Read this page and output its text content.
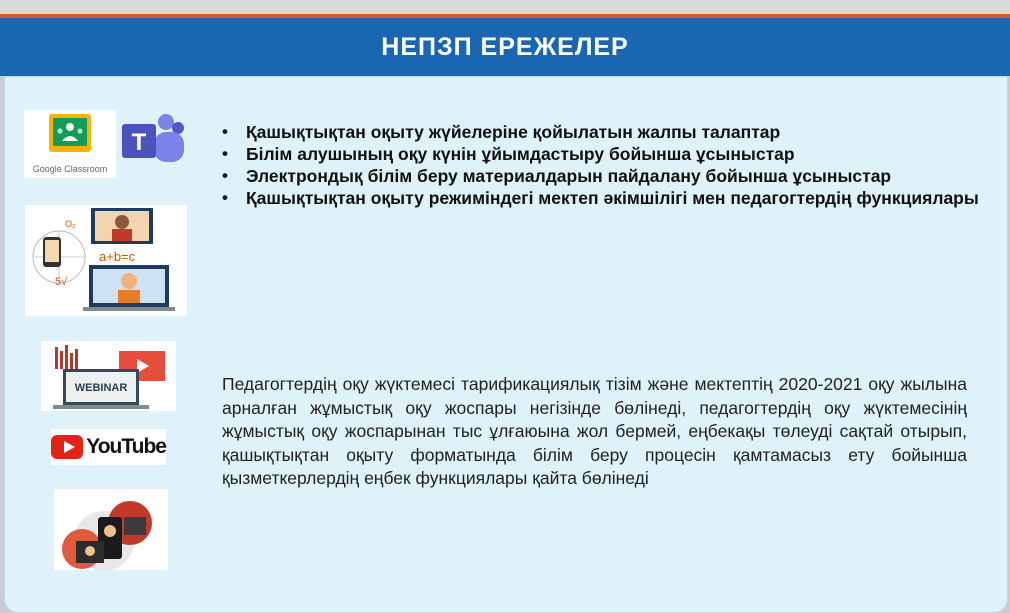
НЕПЗП ЕРЕЖЕЛЕР
Google Classroom
T
O₂
a+b=c
5√
WEBINAR
YouTube
• Қашықтықтан оқыту жүйелеріне қойылатын жалпы талаптар
• Білім алушының оқу күнін ұйымдастыру бойынша ұсыныстар
• Электрондық білім беру материалдарын пайдалану бойынша ұсыныстар
• Қашықтықтан оқыту режиміндегі мектеп әкімшілігі мен педагогтердің функциялары
Педагогтердің оқу жүктемесі тарификациялық тізім және мектептің 2020-2021 оқу жылына арналған жұмыстық оқу жоспары негізінде бөлінеді, педагогтердің оқу жүктемесінің жұмыстық оқу жоспарынан тыс ұлғаюына жол бермей, еңбекақы төлеуді сақтай отырып, қашықтықтан оқыту форматында білім беру процесін қамтамасыз ету бойынша қызметкерлердің еңбек функциялары қайта бөлінеді
